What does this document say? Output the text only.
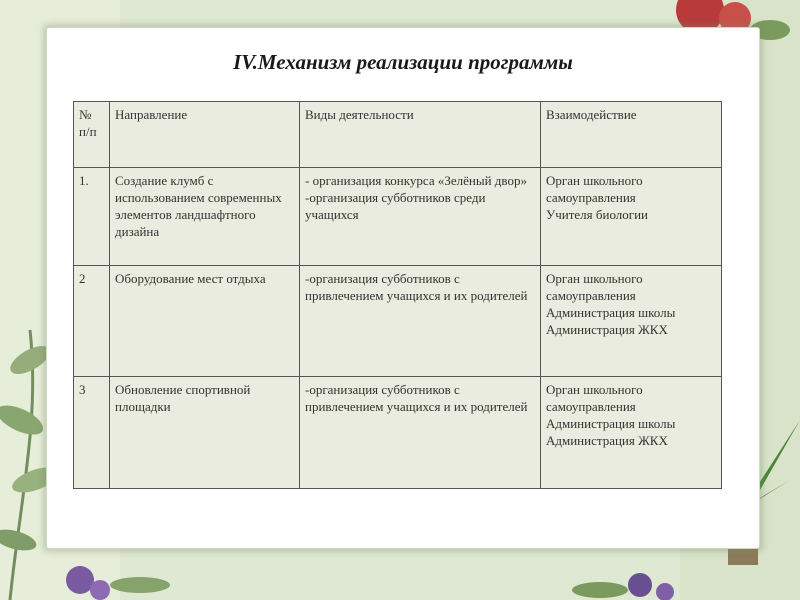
IV.Механизм реализации программы
№ п/п	Направление	Виды деятельности	Взаимодействие
1.	Создание клумб с использованием современных элементов ландшафтного дизайна	- организация конкурса «Зелёный двор»
-организация субботников среди учащихся	Орган школьного самоуправления
Учителя биологии

2	Оборудование мест отдыха	-организация субботников с привлечением учащихся и их родителей	Орган школьного самоуправления
Администрация школы
Администрация ЖКХ

3	Обновление спортивной площадки	-организация субботников с привлечением учащихся и их родителей	Орган школьного самоуправления
Администрация школы
Администрация ЖКХ
